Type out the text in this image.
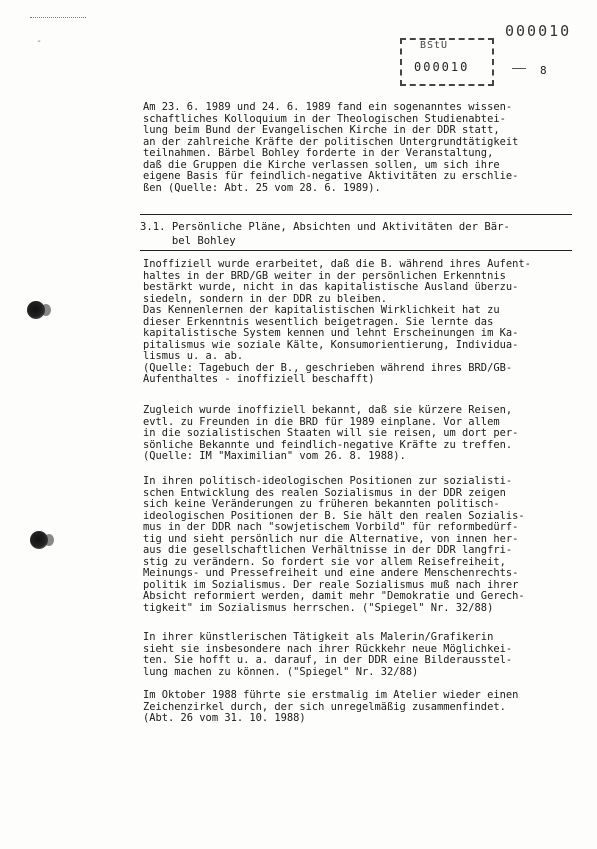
-
000010
BStU
000010	8
Am 23. 6. 1989 und 24. 6. 1989 fand ein sogenanntes wissen-
schaftliches Kolloquium in der Theologischen Studienabtei-
lung beim Bund der Evangelischen Kirche in der DDR statt,
an der zahlreiche Kräfte der politischen Untergrundtätigkeit
teilnahmen. Bärbel Bohley forderte in der Veranstaltung,
daß die Gruppen die Kirche verlassen sollen, um sich ihre
eigene Basis für feindlich-negative Aktivitäten zu erschlie-
ßen (Quelle: Abt. 25 vom 28. 6. 1989).
3.1. Persönliche Pläne, Absichten und Aktivitäten der Bär-
bel Bohley
Inoffiziell wurde erarbeitet, daß die B. während ihres Aufent-
haltes in der BRD/GB weiter in der persönlichen Erkenntnis
bestärkt wurde, nicht in das kapitalistische Ausland überzu-
siedeln, sondern in der DDR zu bleiben.
Das Kennenlernen der kapitalistischen Wirklichkeit hat zu
dieser Erkenntnis wesentlich beigetragen. Sie lernte das
kapitalistische System kennen und lehnt Erscheinungen im Ka-
pitalismus wie soziale Kälte, Konsumorientierung, Individua-
lismus u. a. ab.
(Quelle: Tagebuch der B., geschrieben während ihres BRD/GB-
Aufenthaltes - inoffiziell beschafft)
Zugleich wurde inoffiziell bekannt, daß sie kürzere Reisen,
evtl. zu Freunden in die BRD für 1989 einplane. Vor allem
in die sozialistischen Staaten will sie reisen, um dort per-
sönliche Bekannte und feindlich-negative Kräfte zu treffen.
(Quelle: IM "Maximilian" vom 26. 8. 1988).
In ihren politisch-ideologischen Positionen zur sozialisti-
schen Entwicklung des realen Sozialismus in der DDR zeigen
sich keine Veränderungen zu früheren bekannten politisch-
ideologischen Positionen der B. Sie hält den realen Sozialis-
mus in der DDR nach "sowjetischem Vorbild" für reformbedürf-
tig und sieht persönlich nur die Alternative, von innen her-
aus die gesellschaftlichen Verhältnisse in der DDR langfri-
stig zu verändern. So fordert sie vor allem Reisefreiheit,
Meinungs- und Pressefreiheit und eine andere Menschenrechts-
politik im Sozialismus. Der reale Sozialismus muß nach ihrer
Absicht reformiert werden, damit mehr "Demokratie und Gerech-
tigkeit" im Sozialismus herrschen. ("Spiegel" Nr. 32/88)
In ihrer künstlerischen Tätigkeit als Malerin/Grafikerin
sieht sie insbesondere nach ihrer Rückkehr neue Möglichkei-
ten. Sie hofft u. a. darauf, in der DDR eine Bilderausstel-
lung machen zu können. ("Spiegel" Nr. 32/88)
Im Oktober 1988 führte sie erstmalig im Atelier wieder einen
Zeichenzirkel durch, der sich unregelmäßig zusammenfindet.
(Abt. 26 vom 31. 10. 1988)
